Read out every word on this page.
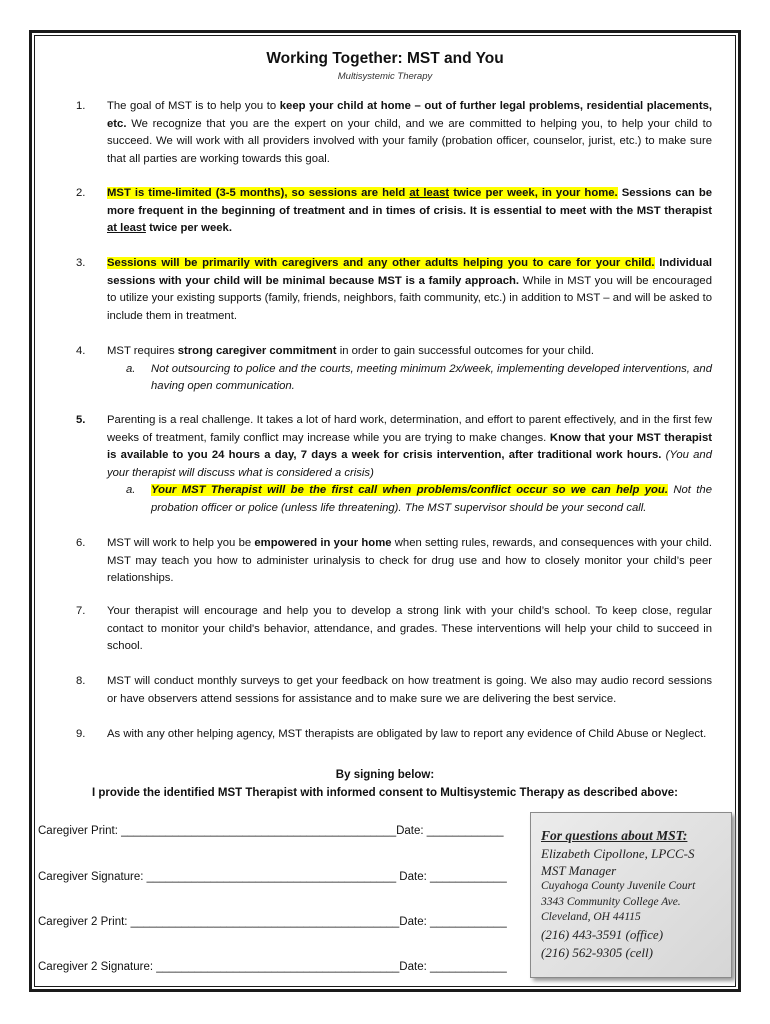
Working Together: MST and You
Multisystemic Therapy
1.	The goal of MST is to help you to keep your child at home – out of further legal problems, residential placements, etc. We recognize that you are the expert on your child, and we are committed to helping you, to help your child to succeed. We will work with all providers involved with your family (probation officer, counselor, jurist, etc.) to make sure that all parties are working towards this goal.
2.	MST is time-limited (3-5 months), so sessions are held at least twice per week, in your home. Sessions can be more frequent in the beginning of treatment and in times of crisis. It is essential to meet with the MST therapist at least twice per week.
3.	Sessions will be primarily with caregivers and any other adults helping you to care for your child. Individual sessions with your child will be minimal because MST is a family approach. While in MST you will be encouraged to utilize your existing supports (family, friends, neighbors, faith community, etc.) in addition to MST – and will be asked to include them in treatment.
4.	MST requires strong caregiver commitment in order to gain successful outcomes for your child.

a. Not outsourcing to police and the courts, meeting minimum 2x/week, implementing developed interventions, and having open communication.
5.	Parenting is a real challenge. It takes a lot of hard work, determination, and effort to parent effectively, and in the first few weeks of treatment, family conflict may increase while you are trying to make changes. Know that your MST therapist is available to you 24 hours a day, 7 days a week for crisis intervention, after traditional work hours. (You and your therapist will discuss what is considered a crisis)

a. Your MST Therapist will be the first call when problems/conflict occur so we can help you. Not the probation officer or police (unless life threatening). The MST supervisor should be your second call.
6.	MST will work to help you be empowered in your home when setting rules, rewards, and consequences with your child. MST may teach you how to administer urinalysis to check for drug use and how to closely monitor your child’s peer relationships.
7.	Your therapist will encourage and help you to develop a strong link with your child’s school. To keep close, regular contact to monitor your child's behavior, attendance, and grades. These interventions will help your child to succeed in school.
8.	MST will conduct monthly surveys to get your feedback on how treatment is going. We also may audio record sessions or have observers attend sessions for assistance and to make sure we are delivering the best service.
9.	As with any other helping agency, MST therapists are obligated by law to report any evidence of Child Abuse or Neglect.
By signing below:
I provide the identified MST Therapist with informed consent to Multisystemic Therapy as described above:
Caregiver Print: ___________________________________________Date: ____________
Caregiver Signature: _______________________________________ Date: ____________
Caregiver 2 Print: __________________________________________Date: ____________
Caregiver 2 Signature: ______________________________________Date: ____________
For questions about MST:
Elizabeth Cipollone, LPCC-S
MST Manager
Cuyahoga County Juvenile Court
3343 Community College Ave.
Cleveland, OH 44115
(216) 443-3591 (office)
(216) 562-9305 (cell)
